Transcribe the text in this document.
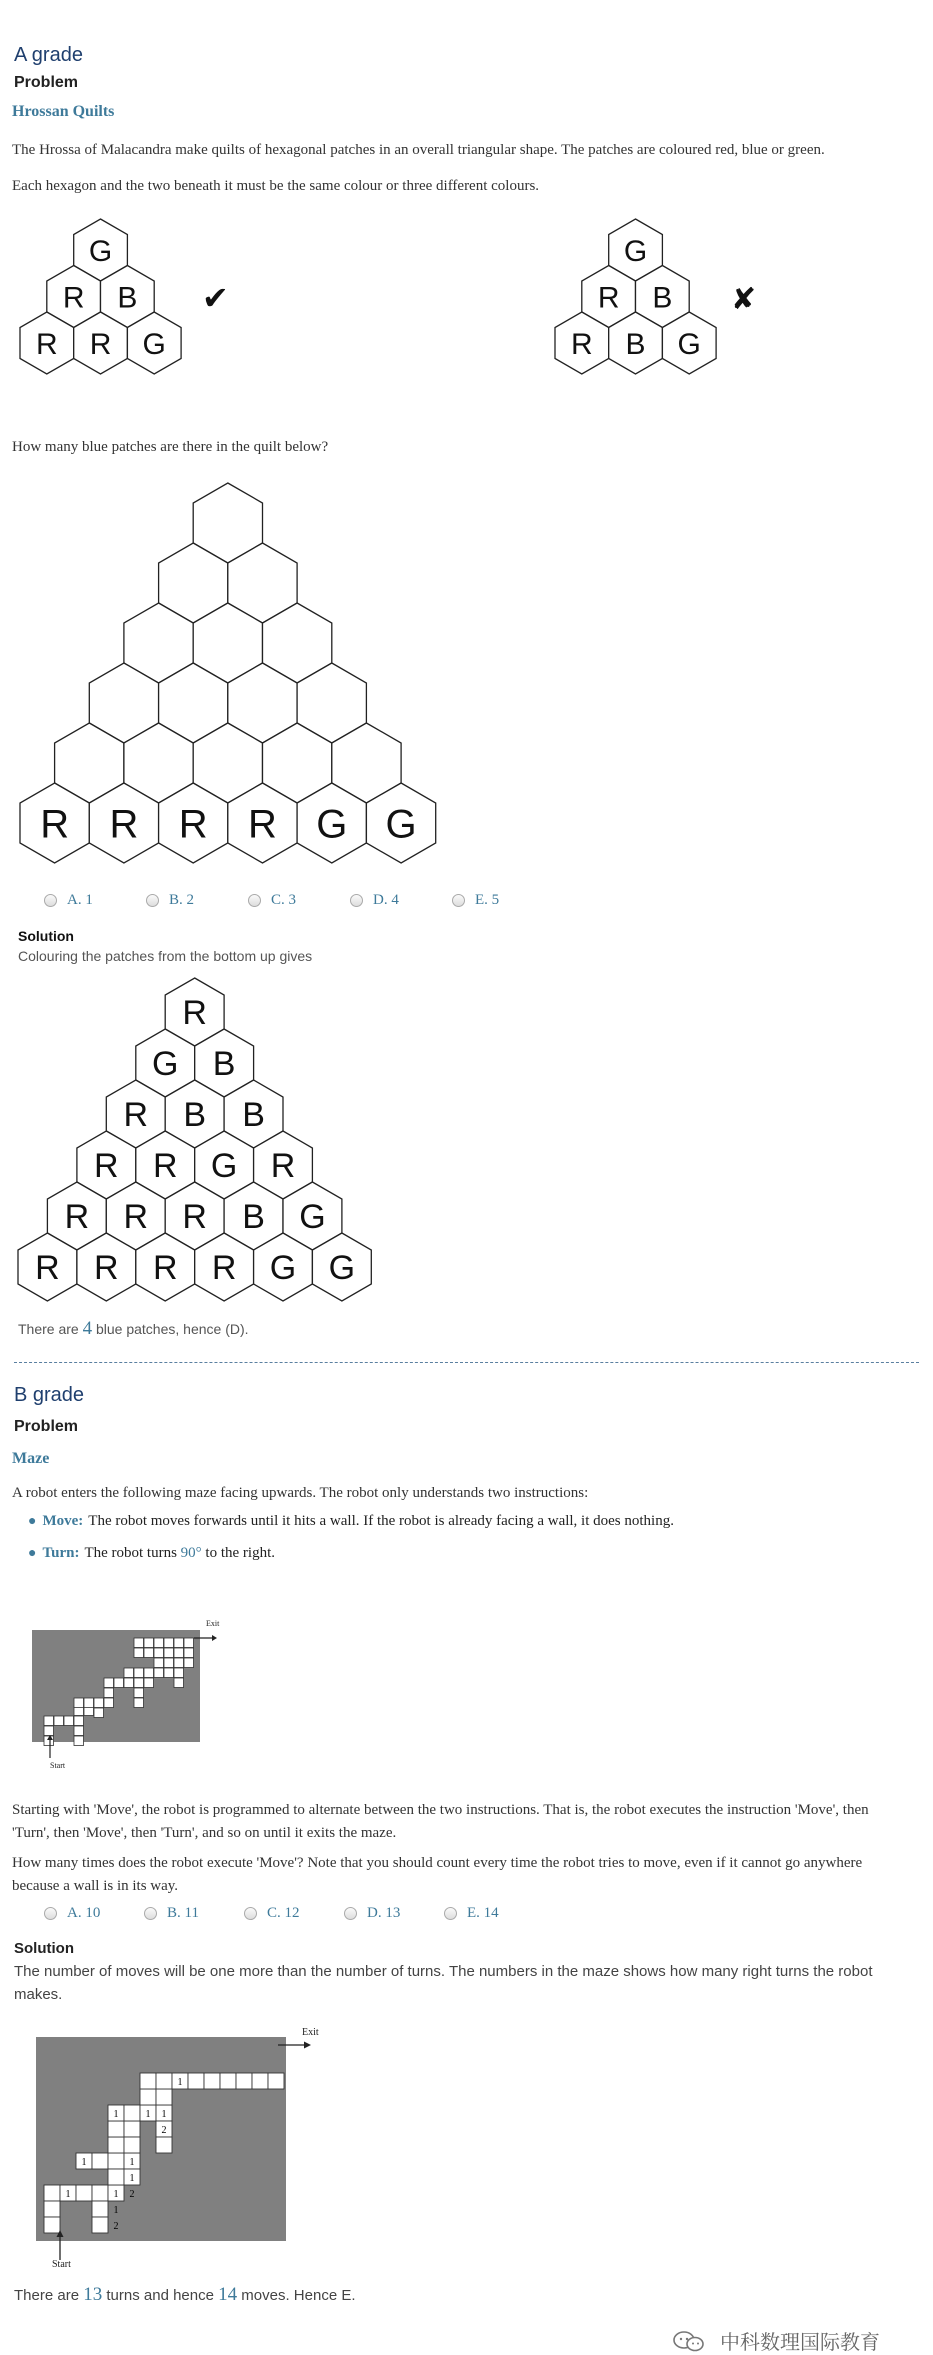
A grade
Problem
Hrossan Quilts
The Hrossa of Malacandra make quilts of hexagonal patches in an overall triangular shape. The patches are coloured red, blue or green.
Each hexagon and the two beneath it must be the same colour or three different colours.
G
R B
R R G
✔
G
R B
R B G
✘
How many blue patches are there in the quilt below?
R R R R G G
A. 1	B. 2	C. 3	D. 4	E. 5
Solution
Colouring the patches from the bottom up gives
R
G B
R B B
R R G R
R R R B G
R R R R G G
There are 4 blue patches, hence (D).
B grade
Problem
Maze
A robot enters the following maze facing upwards. The robot only understands two instructions:
● Move: The robot moves forwards until it hits a wall. If the robot is already facing a wall, it does nothing.
● Turn: The robot turns
90°
to the right.
Exit
Start
Starting with 'Move', the robot is programmed to alternate between the two instructions. That is, the robot executes the instruction 'Move', then
'Turn', then 'Move', then 'Turn', and so on until it exits the maze.
How many times does the robot execute 'Move'? Note that you should count every time the robot tries to move, even if it cannot go anywhere
because a wall is in its way.
A. 10	B. 11	C. 12	D. 13	E. 14
Solution
The number of moves will be one more than the number of turns. The numbers in the maze shows how many right turns the robot
makes.
1	1
1
2
1	1
1
2
1	1 1
2
1
Exit
Start
There are 13 turns and hence 14 moves. Hence E.
中科数理国际教育
